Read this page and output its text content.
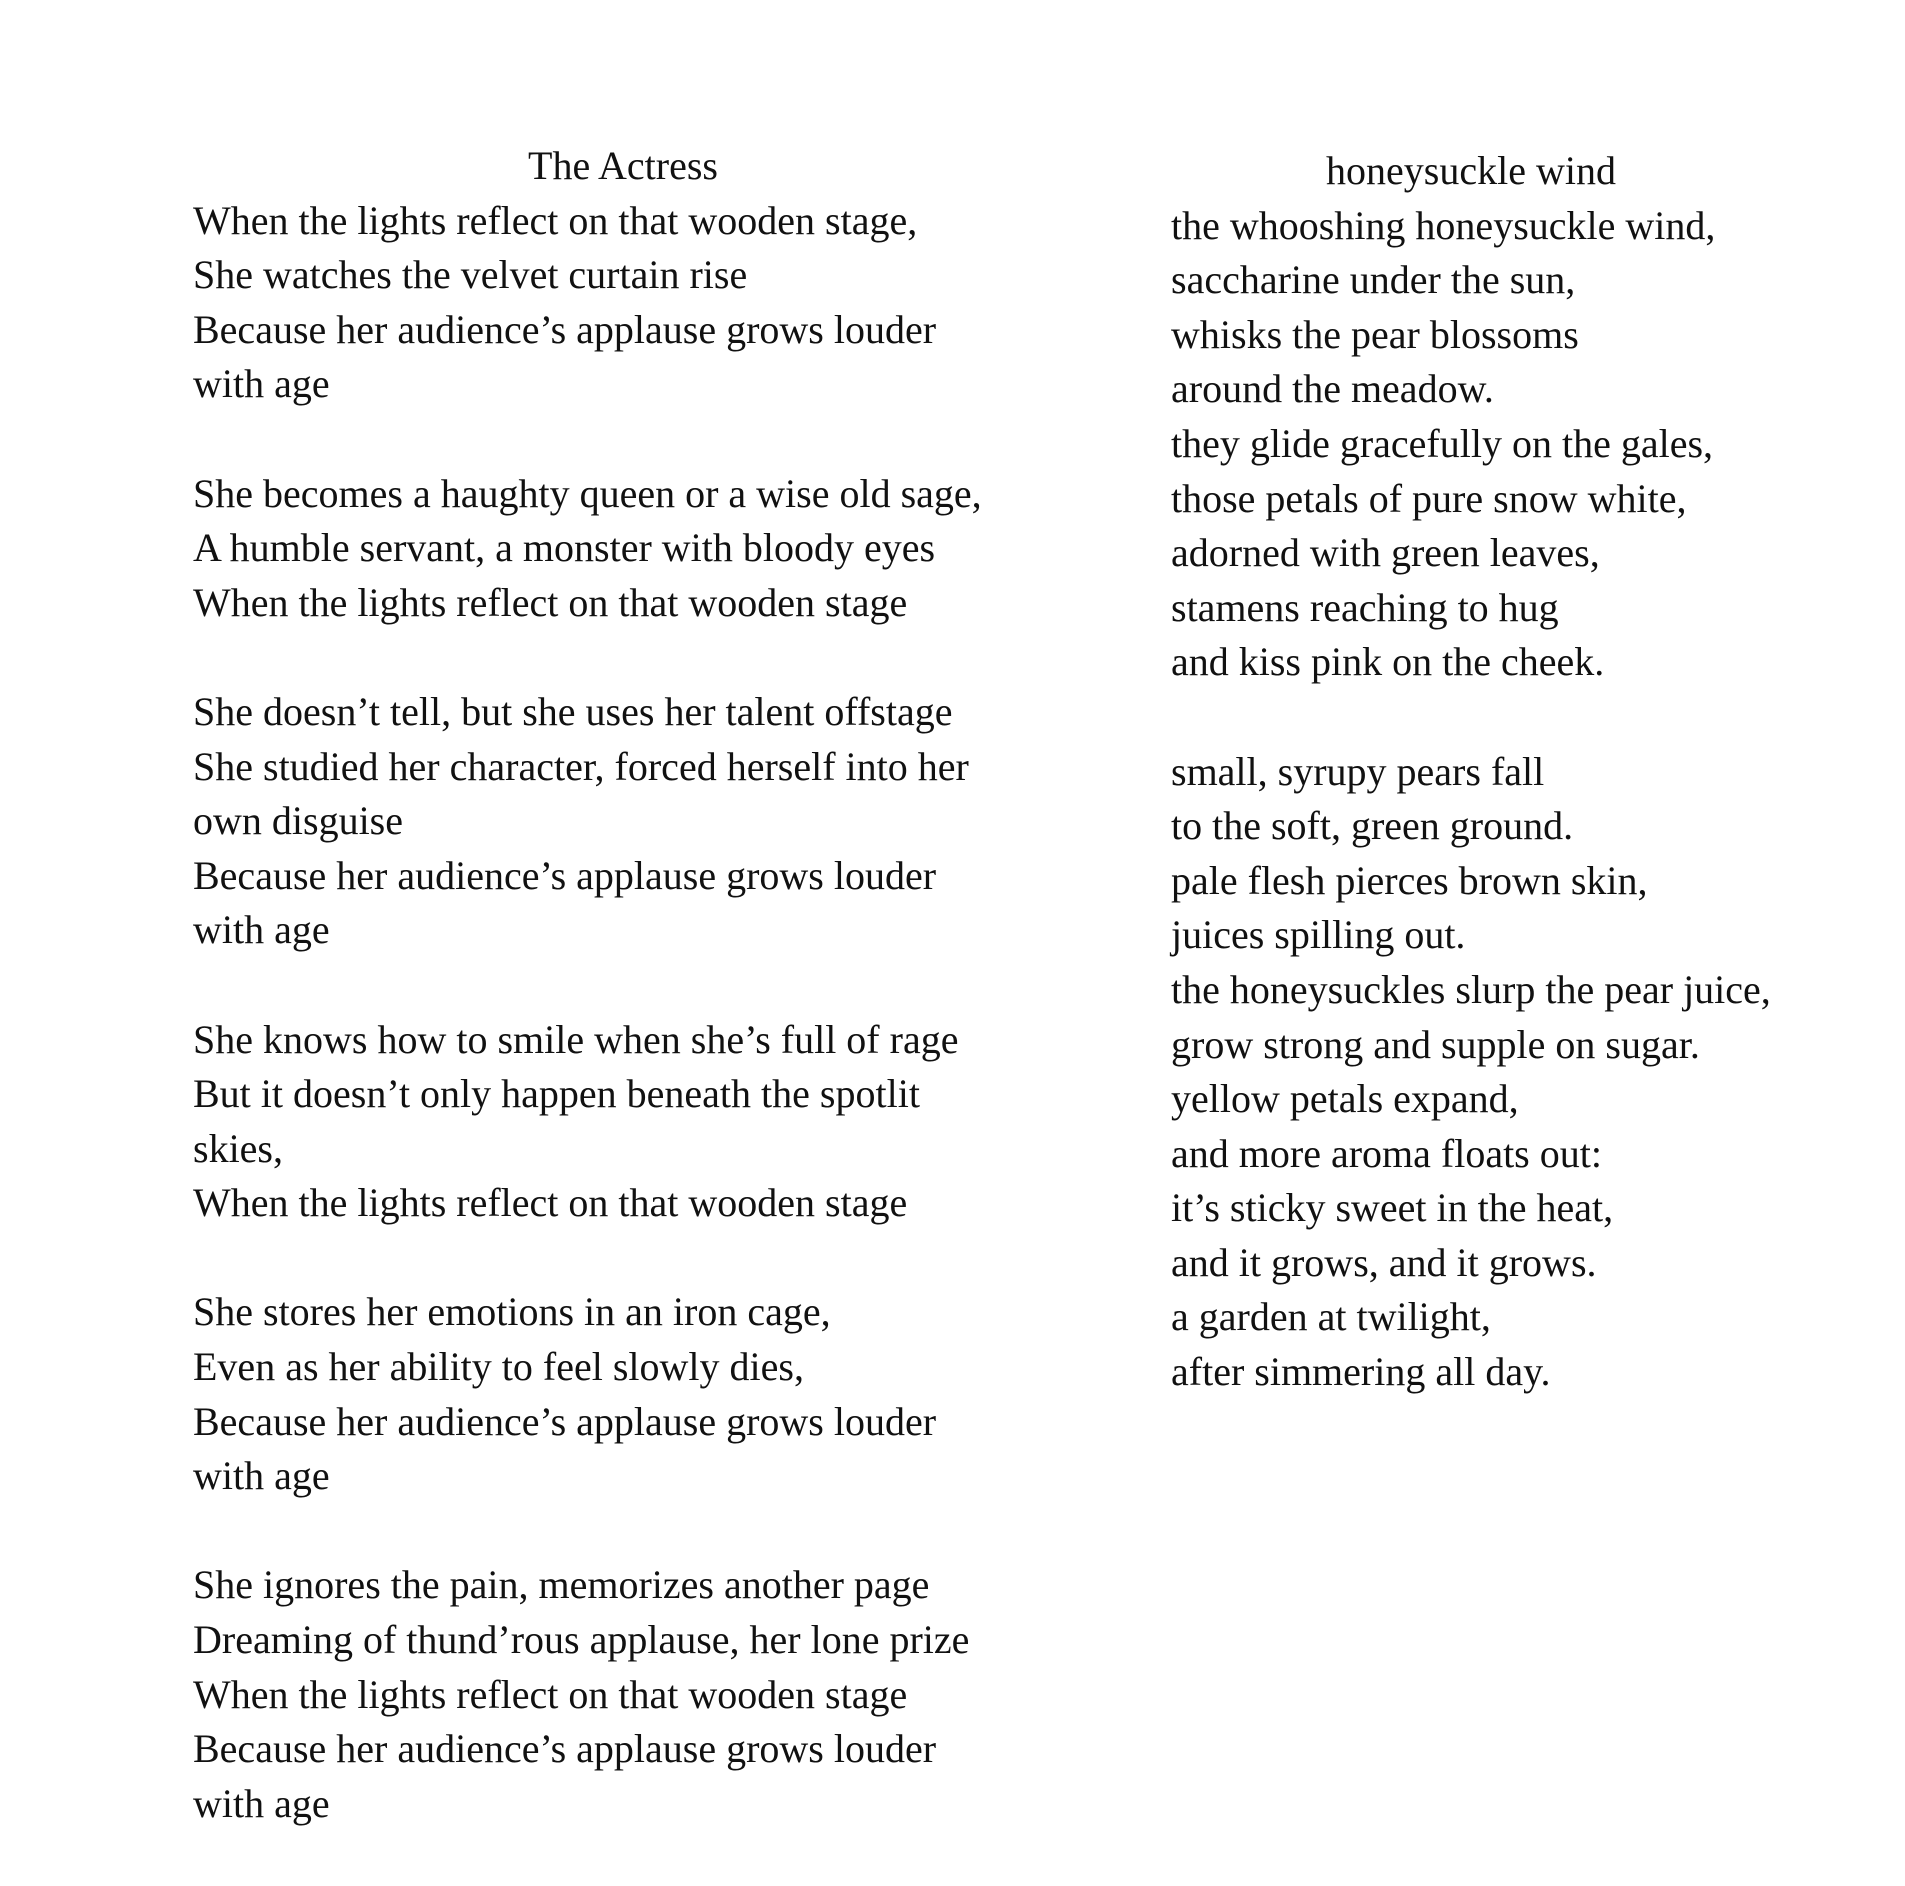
The Actress
When the lights reflect on that wooden stage,
She watches the velvet curtain rise
Because her audience’s applause grows louder
with age
She becomes a haughty queen or a wise old sage,
A humble servant, a monster with bloody eyes
When the lights reflect on that wooden stage
She doesn’t tell, but she uses her talent offstage
She studied her character, forced herself into her
own disguise
Because her audience’s applause grows louder
with age
She knows how to smile when she’s full of rage
But it doesn’t only happen beneath the spotlit
skies,
When the lights reflect on that wooden stage
She stores her emotions in an iron cage,
Even as her ability to feel slowly dies,
Because her audience’s applause grows louder
with age
She ignores the pain, memorizes another page
Dreaming of thund’rous applause, her lone prize
When the lights reflect on that wooden stage
Because her audience’s applause grows louder
with age
honeysuckle wind
the whooshing honeysuckle wind,
saccharine under the sun,
whisks the pear blossoms
around the meadow.
they glide gracefully on the gales,
those petals of pure snow white,
adorned with green leaves,
stamens reaching to hug
and kiss pink on the cheek.
small, syrupy pears fall
to the soft, green ground.
pale flesh pierces brown skin,
juices spilling out.
the honeysuckles slurp the pear juice,
grow strong and supple on sugar.
yellow petals expand,
and more aroma floats out:
it’s sticky sweet in the heat,
and it grows, and it grows.
a garden at twilight,
after simmering all day.
